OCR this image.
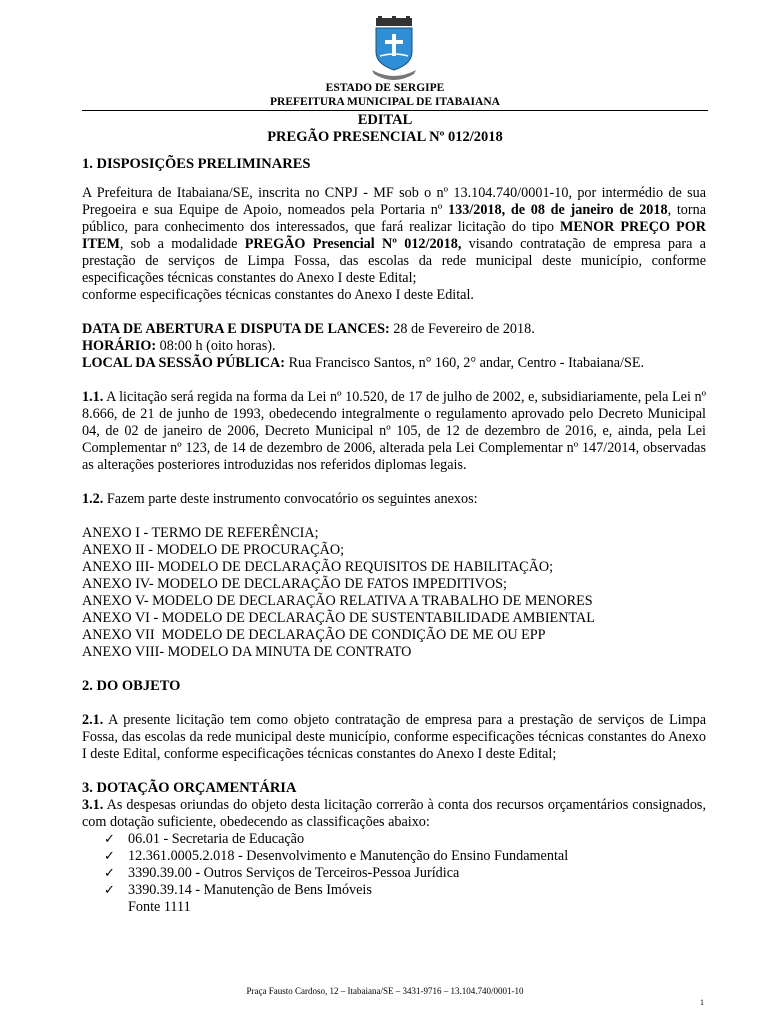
ESTADO DE SERGIPE
PREFEITURA MUNICIPAL DE ITABAIANA
EDITAL
PREGÃO PRESENCIAL Nº 012/2018

1. DISPOSIÇÕES PRELIMINARES

A Prefeitura de Itabaiana/SE, inscrita no CNPJ - MF sob o nº 13.104.740/0001-10, por intermédio de sua Pregoeira e sua Equipe de Apoio, nomeados pela Portaria nº 133/2018, de 08 de janeiro de 2018, torna público, para conhecimento dos interessados, que fará realizar licitação do tipo MENOR PREÇO POR ITEM, sob a modalidade PREGÃO Presencial Nº 012/2018, visando contratação de empresa para a prestação de serviços de Limpa Fossa, das escolas da rede municipal deste município, conforme especificações técnicas constantes do Anexo I deste Edital;

conforme especificações técnicas constantes do Anexo I deste Edital.

DATA DE ABERTURA E DISPUTA DE LANCES: 28 de Fevereiro de 2018.

HORÁRIO: 08:00 h (oito horas).

LOCAL DA SESSÃO PÚBLICA: Rua Francisco Santos, n° 160, 2° andar, Centro - Itabaiana/SE.

1.1. A licitação será regida na forma da Lei nº 10.520, de 17 de julho de 2002, e, subsidiariamente, pela Lei nº 8.666, de 21 de junho de 1993, obedecendo integralmente o regulamento aprovado pelo Decreto Municipal 04, de 02 de janeiro de 2006, Decreto Municipal nº 105, de 12 de dezembro de 2016, e, ainda, pela Lei Complementar nº 123, de 14 de dezembro de 2006, alterada pela Lei Complementar nº 147/2014, observadas as alterações posteriores introduzidas nos referidos diplomas legais.

1.2. Fazem parte deste instrumento convocatório os seguintes anexos:

ANEXO I - TERMO DE REFERÊNCIA;

ANEXO II - MODELO DE PROCURAÇÃO;

ANEXO III- MODELO DE DECLARAÇÃO REQUISITOS DE HABILITAÇÃO;

ANEXO IV- MODELO DE DECLARAÇÃO DE FATOS IMPEDITIVOS;

ANEXO V- MODELO DE DECLARAÇÃO RELATIVA A TRABALHO DE MENORES

ANEXO VI - MODELO DE DECLARAÇÃO DE SUSTENTABILIDADE AMBIENTAL

ANEXO VII  MODELO DE DECLARAÇÃO DE CONDIÇÃO DE ME OU EPP

ANEXO VIII- MODELO DA MINUTA DE CONTRATO

2. DO OBJETO

2.1. A presente licitação tem como objeto contratação de empresa para a prestação de serviços de Limpa Fossa, das escolas da rede municipal deste município, conforme especificações técnicas constantes do Anexo I deste Edital, conforme especificações técnicas constantes do Anexo I deste Edital;

3. DOTAÇÃO ORÇAMENTÁRIA

3.1. As despesas oriundas do objeto desta licitação correrão à conta dos recursos orçamentários consignados, com dotação suficiente, obedecendo as classificações abaixo:

✓ 06.01 - Secretaria de Educação
✓ 12.361.0005.2.018 - Desenvolvimento e Manutenção do Ensino Fundamental
✓ 3390.39.00 - Outros Serviços de Terceiros-Pessoa Jurídica
✓ 3390.39.14 - Manutenção de Bens Imóveis
Fonte 1111
Praça Fausto Cardoso, 12 – Itabaiana/SE – 3431-9716 – 13.104.740/0001-10
1
